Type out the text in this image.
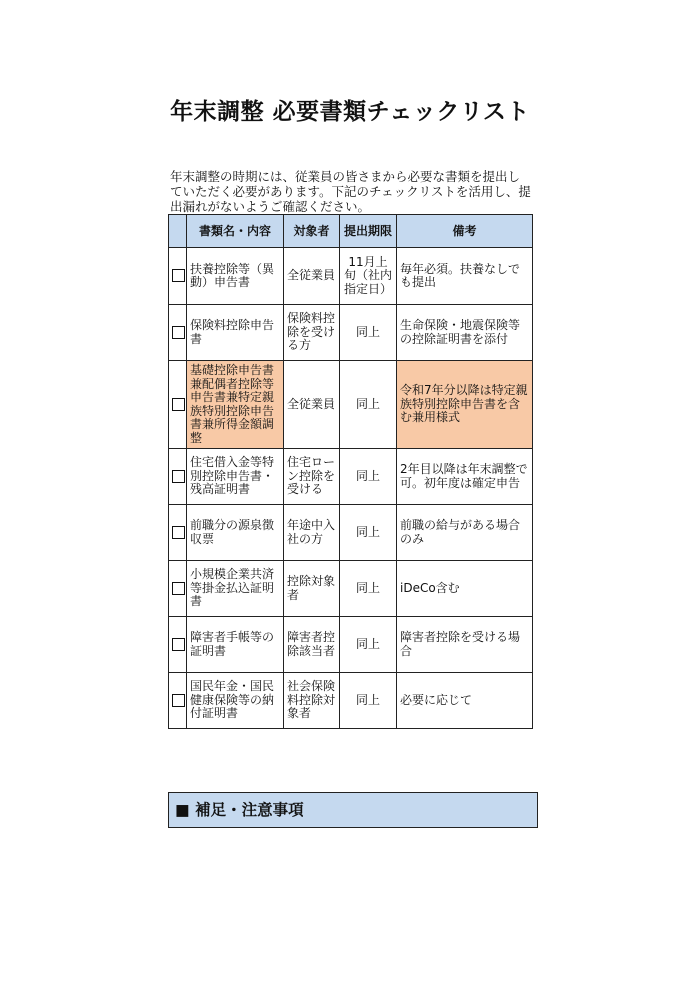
年末調整 必要書類チェックリスト

年末調整の時期には、従業員の皆さまから必要な書類を提出していただく必要があります。下記のチェックリストを活用し、提出漏れがないようご確認ください。

	書類名・内容	対象者	提出期限	備考
	扶養控除等（異動）申告書	全従業員	11月上旬（社内指定日）	毎年必須。扶養なしでも提出
	保険料控除申告書	保険料控除を受ける方	同上	生命保険・地震保険等の控除証明書を添付
	基礎控除申告書兼配偶者控除等申告書兼特定親族特別控除申告書兼所得金額調整	全従業員	同上	令和7年分以降は特定親族特別控除申告書を含む兼用様式
	住宅借入金等特別控除申告書・残高証明書	住宅ローン控除を受ける	同上	2年目以降は年末調整で可。初年度は確定申告
	前職分の源泉徴収票	年途中入社の方	同上	前職の給与がある場合のみ
	小規模企業共済等掛金払込証明書	控除対象者	同上	iDeCo含む
	障害者手帳等の証明書	障害者控除該当者	同上	障害者控除を受ける場合
	国民年金・国民健康保険等の納付証明書	社会保険料控除対象者	同上	必要に応じて
■ 補足・注意事項
